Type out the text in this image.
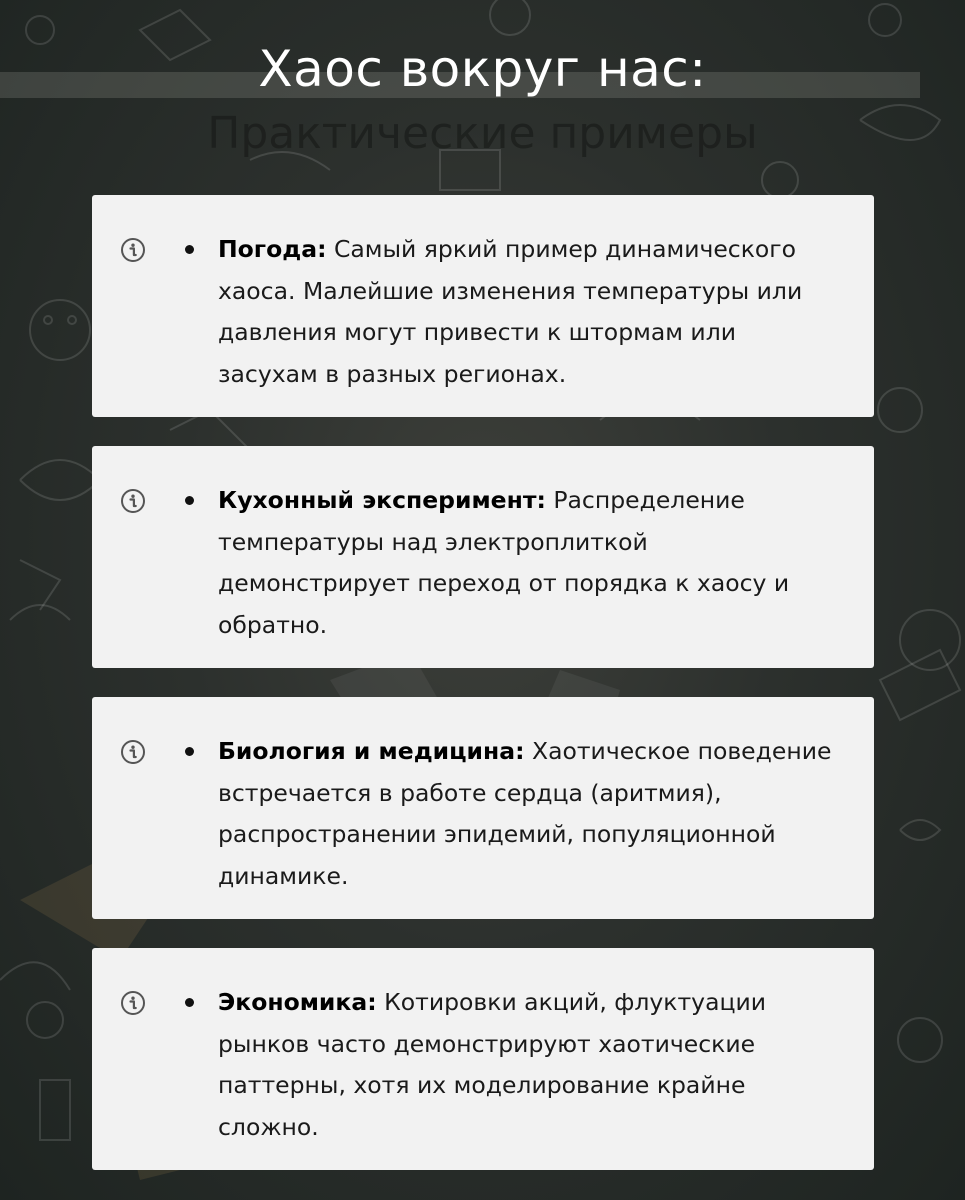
Хаос вокруг нас:
Практические примеры

Погода: Самый яркий пример динамического хаоса. Малейшие изменения температуры или давления могут привести к штормам или засухам в разных регионах.

Кухонный эксперимент: Распределение температуры над электроплиткой демонстрирует переход от порядка к хаосу и обратно.

Биология и медицина: Хаотическое поведение встречается в работе сердца (аритмия), распространении эпидемий, популяционной динамике.

Экономика: Котировки акций, флуктуации рынков часто демонстрируют хаотические паттерны, хотя их моделирование крайне сложно.
